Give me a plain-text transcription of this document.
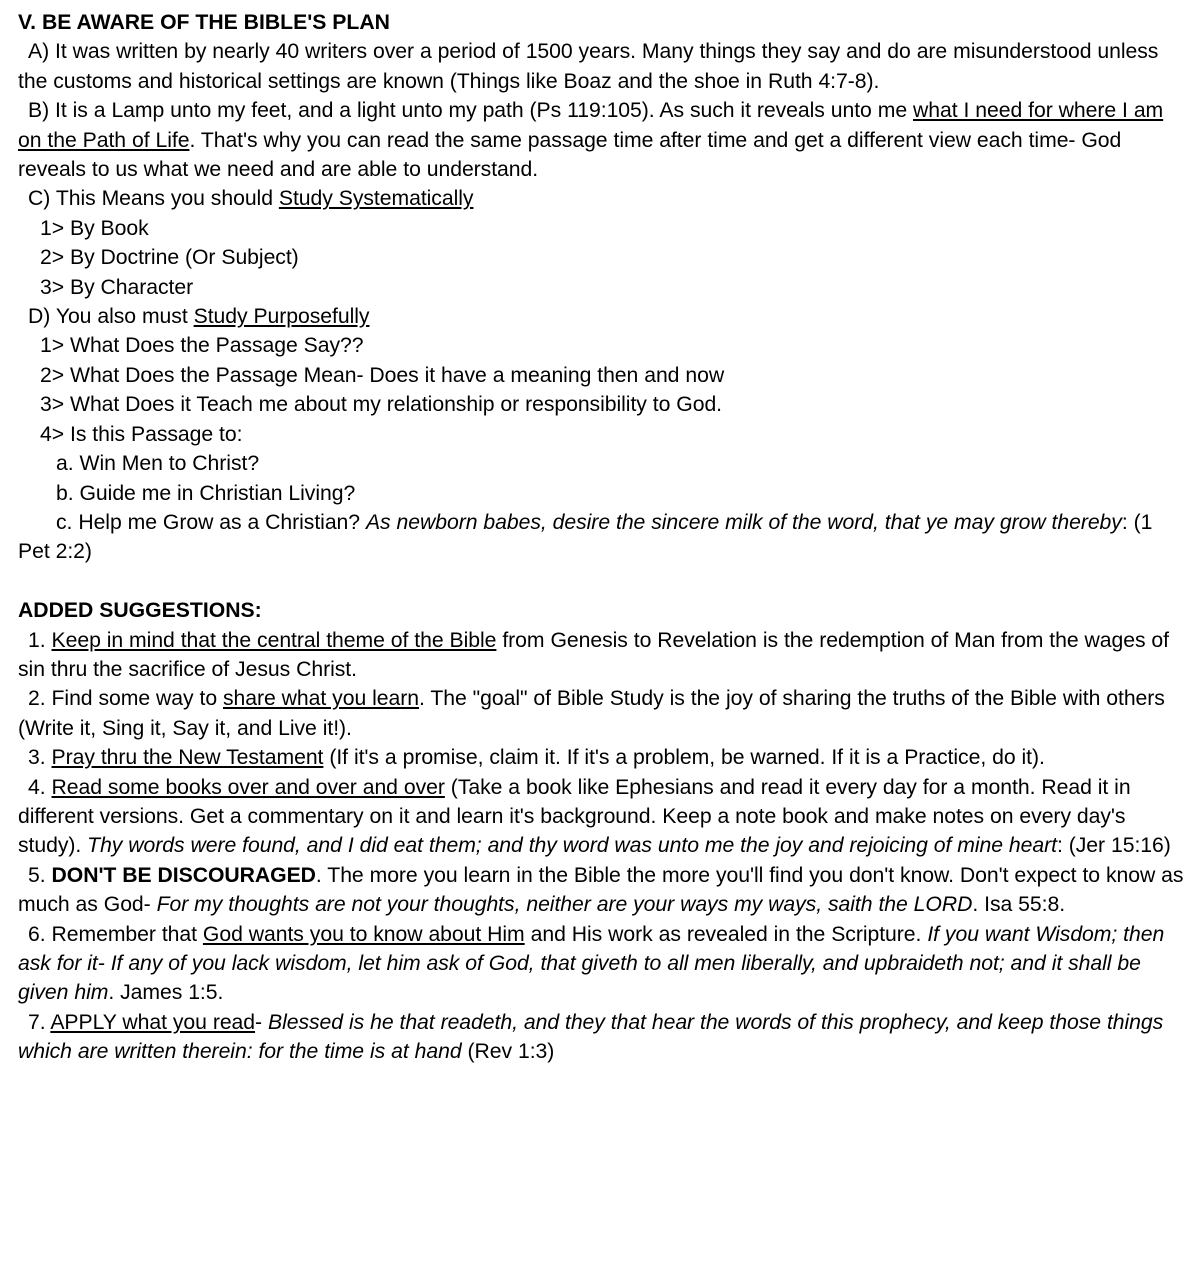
V. BE AWARE OF THE BIBLE'S PLAN

A) It was written by nearly 40 writers over a period of 1500 years. Many things they say and do are misunderstood unless the customs and historical settings are known (Things like Boaz and the shoe in Ruth 4:7-8).

B) It is a Lamp unto my feet, and a light unto my path (Ps 119:105). As such it reveals unto me what I need for where I am on the Path of Life. That's why you can read the same passage time after time and get a different view each time- God reveals to us what we need and are able to understand.

C) This Means you should Study Systematically

1> By Book

2> By Doctrine (Or Subject)

3> By Character

D) You also must Study Purposefully

1> What Does the Passage Say??

2> What Does the Passage Mean- Does it have a meaning then and now

3> What Does it Teach me about my relationship or responsibility to God.

4> Is this Passage to:

a. Win Men to Christ?

b. Guide me in Christian Living?

c. Help me Grow as a Christian? As newborn babes, desire the sincere milk of the word, that ye may grow thereby: (1 Pet 2:2)

ADDED SUGGESTIONS:

1. Keep in mind that the central theme of the Bible from Genesis to Revelation is the redemption of Man from the wages of sin thru the sacrifice of Jesus Christ.

2. Find some way to share what you learn. The "goal" of Bible Study is the joy of sharing the truths of the Bible with others (Write it, Sing it, Say it, and Live it!).

3. Pray thru the New Testament (If it's a promise, claim it. If it's a problem, be warned. If it is a Practice, do it).

4. Read some books over and over and over (Take a book like Ephesians and read it every day for a month. Read it in different versions. Get a commentary on it and learn it's background. Keep a note book and make notes on every day's study). Thy words were found, and I did eat them; and thy word was unto me the joy and rejoicing of mine heart: (Jer 15:16)

5. DON'T BE DISCOURAGED. The more you learn in the Bible the more you'll find you don't know. Don't expect to know as much as God- For my thoughts are not your thoughts, neither are your ways my ways, saith the LORD. Isa 55:8.

6. Remember that God wants you to know about Him and His work as revealed in the Scripture. If you want Wisdom; then ask for it- If any of you lack wisdom, let him ask of God, that giveth to all men liberally, and upbraideth not; and it shall be given him. James 1:5.

7. APPLY what you read- Blessed is he that readeth, and they that hear the words of this prophecy, and keep those things which are written therein: for the time is at hand (Rev 1:3)
